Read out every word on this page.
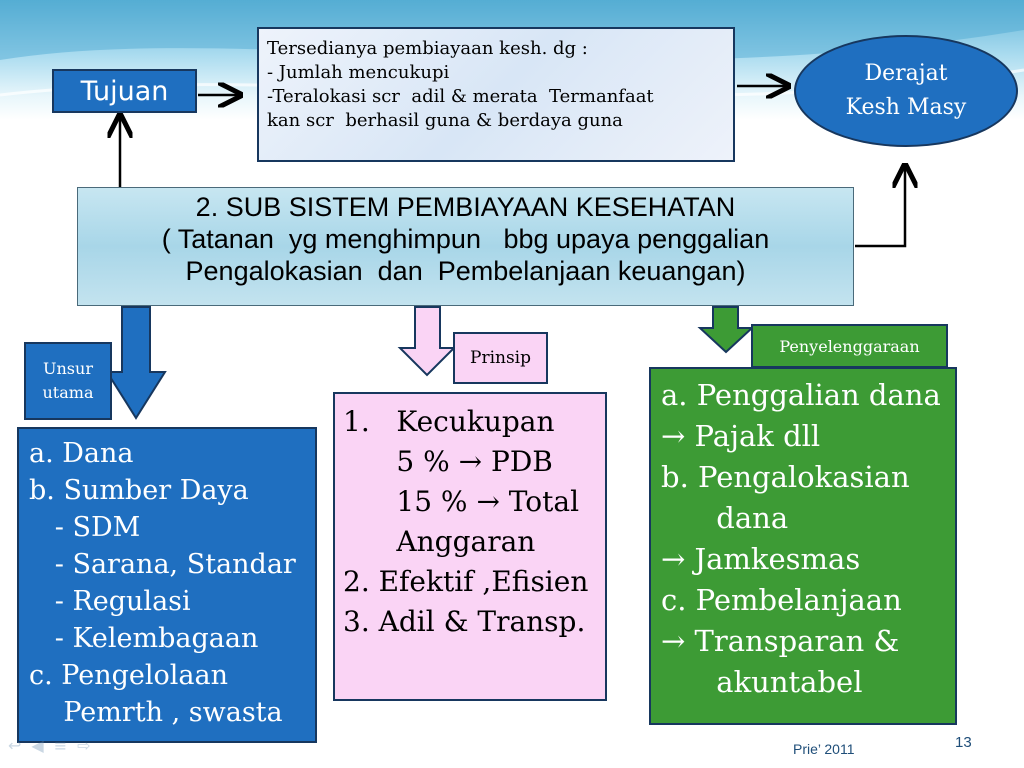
Tujuan
Tersedianya pembiayaan kesh. dg :
- Jumlah mencukupi
-Teralokasi scr  adil & merata  Termanfaat
kan scr  berhasil guna & berdaya guna
Derajat
Kesh Masy
2. SUB SISTEM PEMBIAYAAN KESEHATAN
( Tatanan  yg menghimpun   bbg upaya penggalian
Pengalokasian  dan  Pembelanjaan keuangan)
Unsur
utama
Prinsip
Penyelenggaraan
a. Dana
b. Sumber Daya
- SDM
- Sarana, Standar
- Regulasi
- Kelembagaan
c. Pengelolaan
Pemrth , swasta
1.   Kecukupan
5 % → PDB
15 % → Total
Anggaran
2. Efektif ,Efisien
3. Adil & Transp.
a. Penggalian dana
→ Pajak dll
b. Pengalokasian
dana
→ Jamkesmas
c. Pembelanjaan
→ Transparan &
akuntabel
↩ ◀ ≡ ⇨	Prie’ 2011	13
